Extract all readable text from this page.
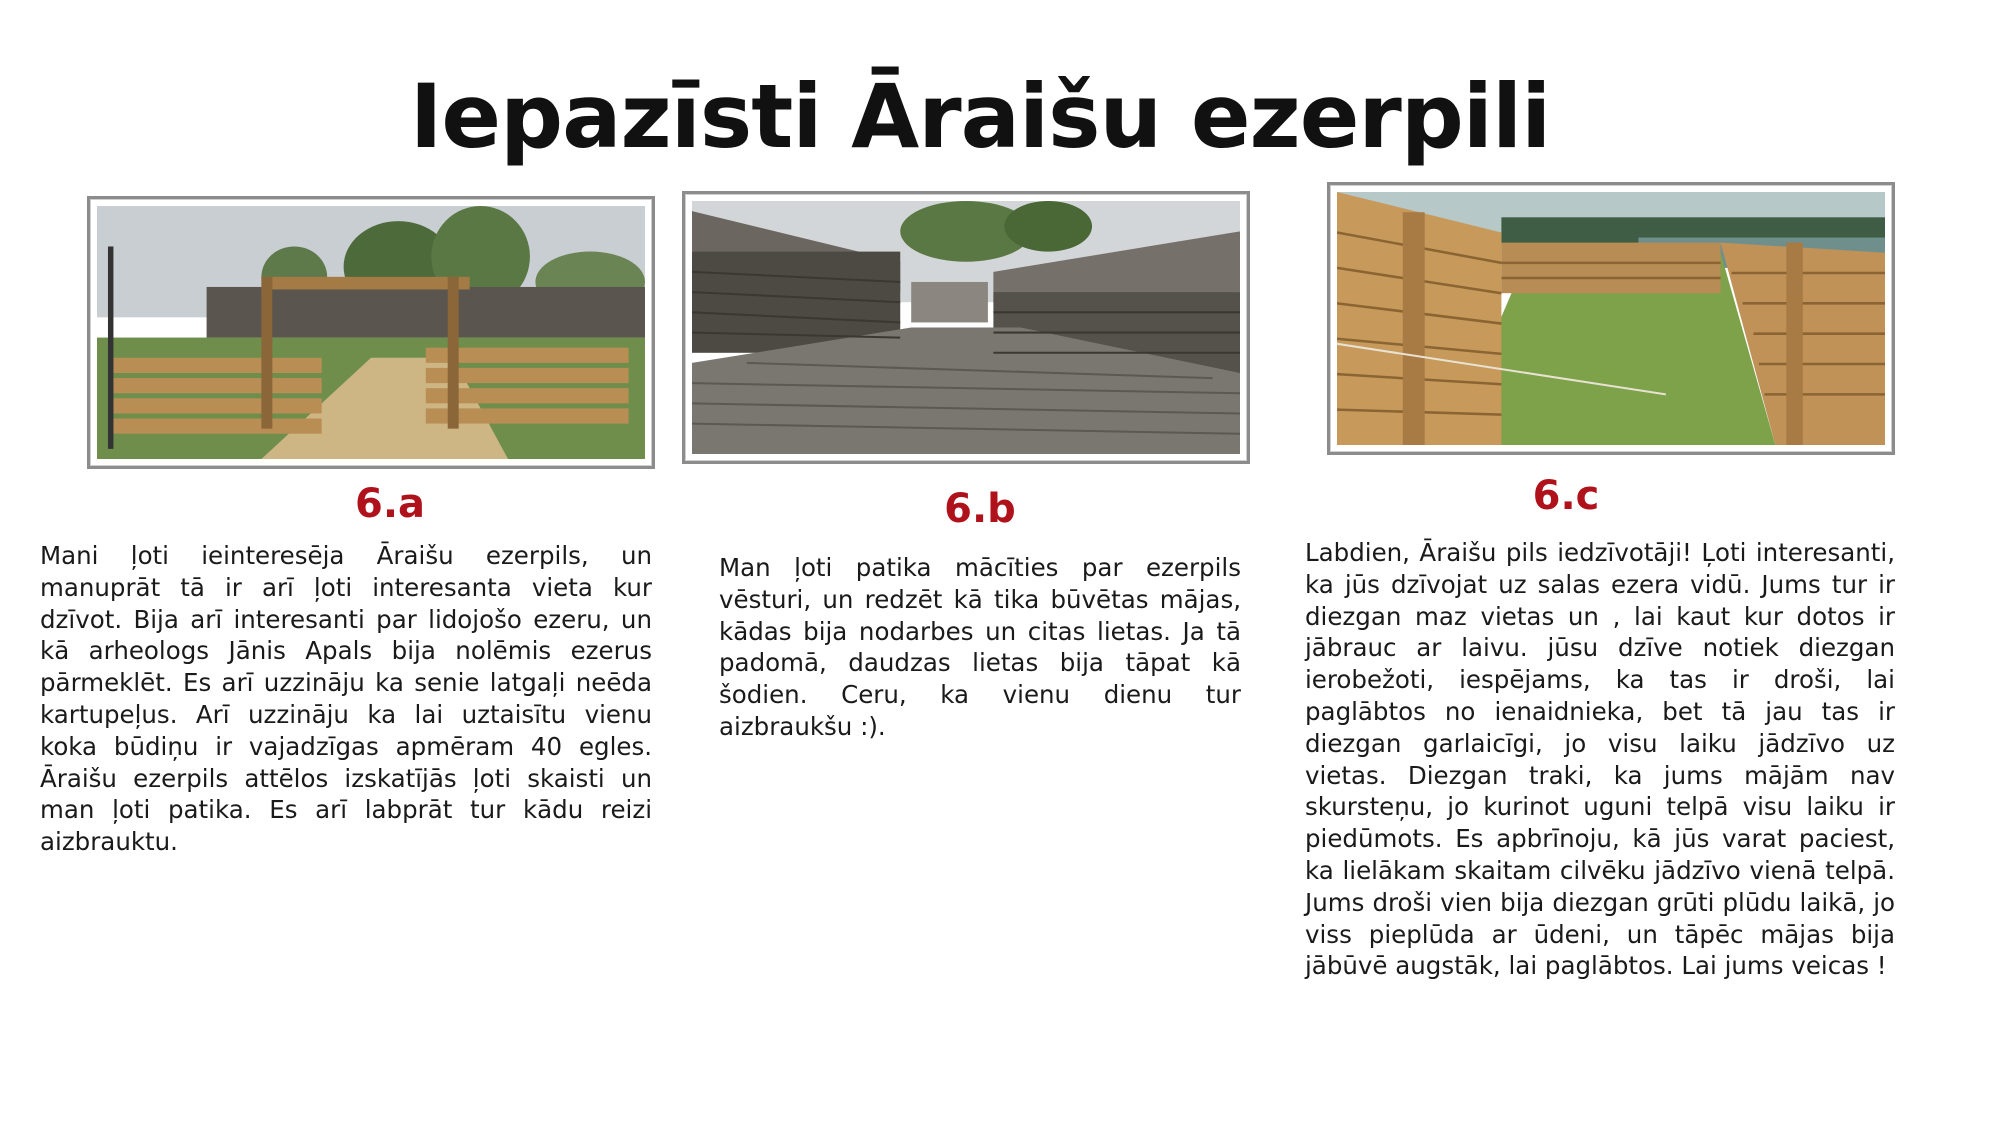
Iepazīsti Āraišu ezerpili
6.a
Mani ļoti ieinteresēja Āraišu ezerpils, un manuprāt tā ir arī ļoti interesanta vieta kur dzīvot. Bija arī interesanti par lidojošo ezeru, un kā arheologs Jānis Apals bija nolēmis ezerus pārmeklēt. Es arī uzzināju ka senie latgaļi neēda kartupeļus. Arī uzzināju ka lai uztaisītu vienu koka būdiņu ir vajadzīgas apmēram 40 egles. Āraišu ezerpils attēlos izskatījās ļoti skaisti un man ļoti patika. Es arī labprāt tur kādu reizi aizbrauktu.
6.b
Man ļoti patika mācīties par ezerpils vēsturi, un redzēt kā tika būvētas mājas, kādas bija nodarbes un citas lietas. Ja tā padomā, daudzas lietas bija tāpat kā šodien. Ceru, ka vienu dienu tur aizbraukšu :).
6.c
Labdien, Āraišu pils iedzīvotāji! Ļoti interesanti, ka jūs dzīvojat uz salas ezera vidū. Jums tur ir diezgan maz vietas un , lai kaut kur dotos ir jābrauc ar laivu. jūsu dzīve notiek diezgan ierobežoti, iespējams, ka tas ir droši, lai paglābtos no ienaidnieka, bet tā jau tas ir diezgan garlaicīgi, jo visu laiku jādzīvo uz vietas. Diezgan traki, ka jums mājām nav skursteņu, jo kurinot uguni telpā visu laiku ir piedūmots. Es apbrīnoju, kā jūs varat paciest, ka lielākam skaitam cilvēku jādzīvo vienā telpā. Jums droši vien bija diezgan grūti plūdu laikā, jo viss pieplūda ar ūdeni, un tāpēc mājas bija jābūvē augstāk, lai paglābtos. Lai jums veicas !
